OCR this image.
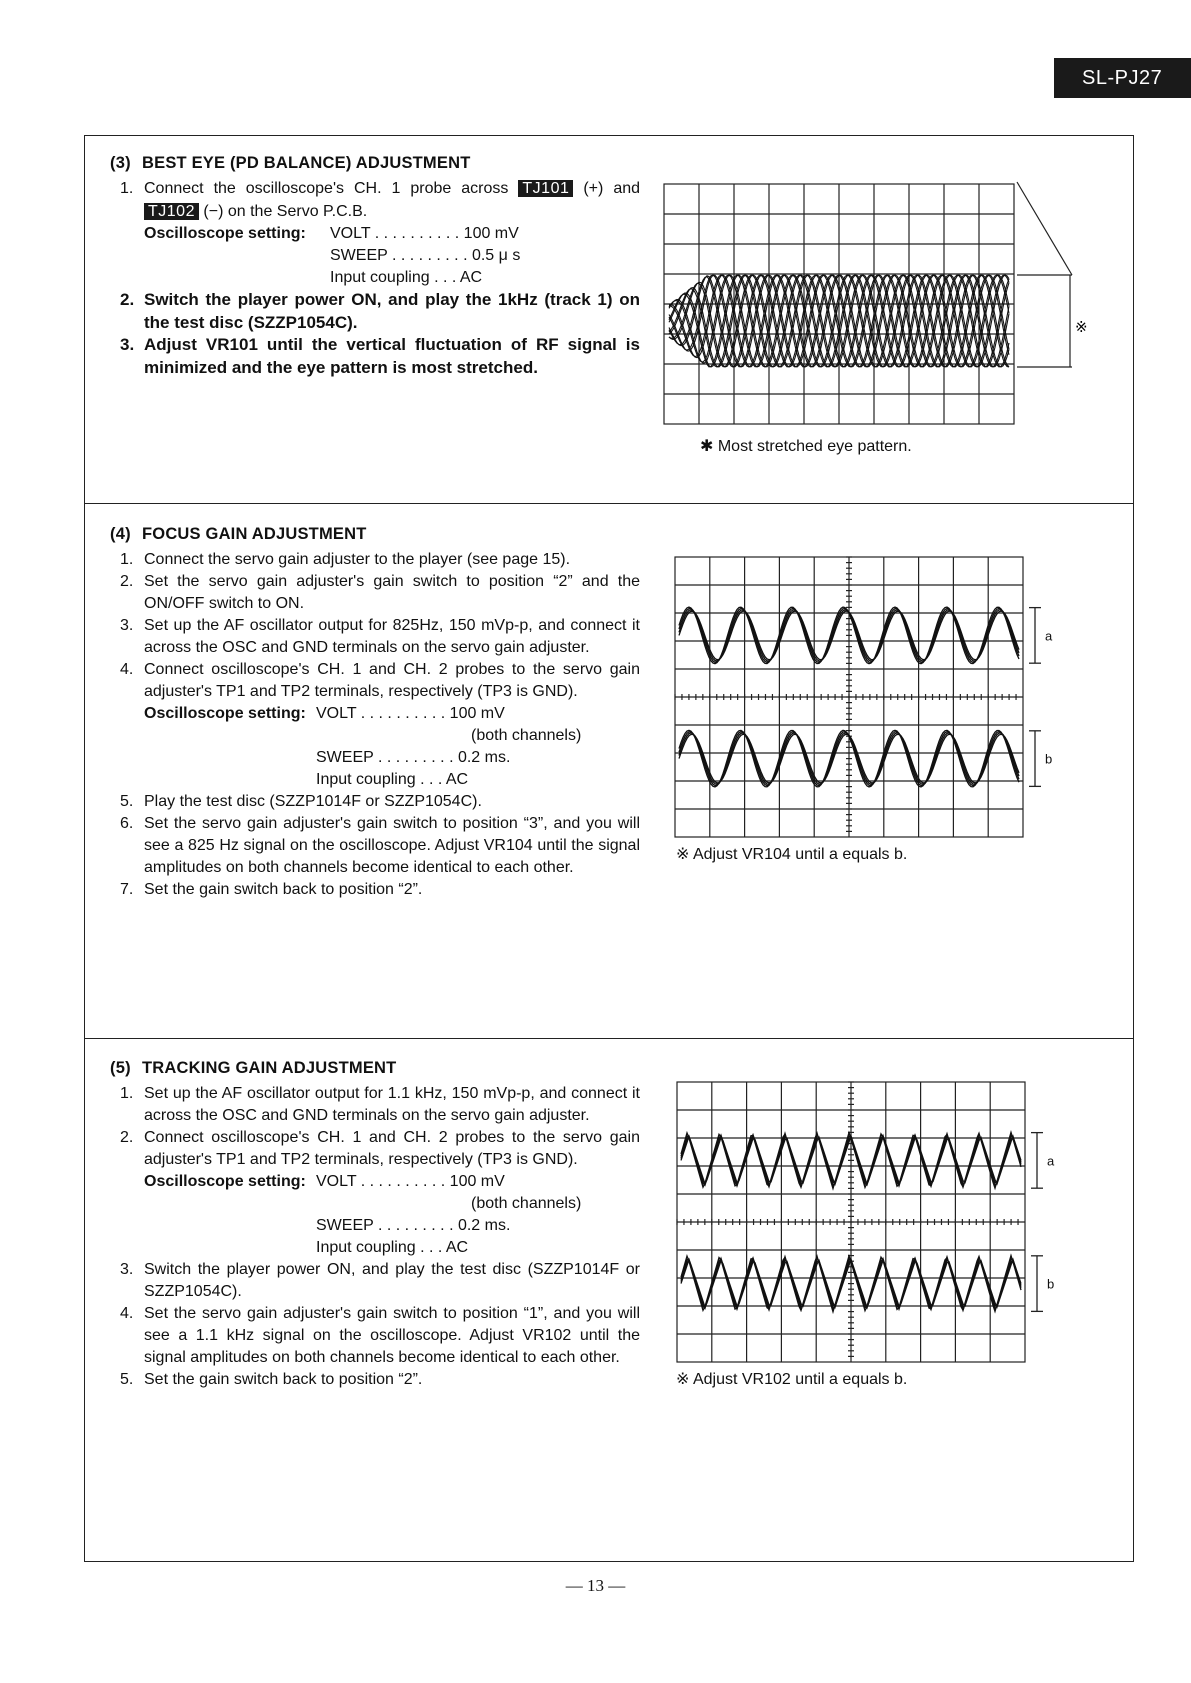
SL-PJ27
(3) BEST EYE (PD BALANCE) ADJUSTMENT
1. Connect the oscilloscope's CH. 1 probe across TJ101 (+) and TJ102 (−) on the Servo P.C.B.
Oscilloscope setting:	VOLT . . . . . . . . . . 100 mV
SWEEP . . . . . . . . . 0.5 μ s
Input coupling . . . AC
2. Switch the player power ON, and play the 1kHz (track 1) on the test disc (SZZP1054C).
3. Adjust VR101 until the vertical fluctuation of RF signal is minimized and the eye pattern is most stretched.
※
✱ Most stretched eye pattern.
(4) FOCUS GAIN ADJUSTMENT
1. Connect the servo gain adjuster to the player (see page 15).
2. Set the servo gain adjuster's gain switch to position “2” and the ON/OFF switch to ON.
3. Set up the AF oscillator output for 825Hz, 150 mVp-p, and connect it across the OSC and GND terminals on the servo gain adjuster.
4. Connect oscilloscope's CH. 1 and CH. 2 probes to the servo gain adjuster's TP1 and TP2 terminals, respectively (TP3 is GND).
Oscilloscope setting: VOLT . . . . . . . . . . 100 mV
(both channels)
SWEEP . . . . . . . . . 0.2 ms.
Input coupling . . . AC
5. Play the test disc (SZZP1014F or SZZP1054C).
6. Set the servo gain adjuster's gain switch to position “3”, and you will see a 825 Hz signal on the oscilloscope. Adjust VR104 until the signal amplitudes on both channels become identical to each other.
7. Set the gain switch back to position “2”.
a
b
※ Adjust VR104 until a equals b.
(5) TRACKING GAIN ADJUSTMENT
1. Set up the AF oscillator output for 1.1 kHz, 150 mVp-p, and connect it across the OSC and GND terminals on the servo gain adjuster.
2. Connect oscilloscope's CH. 1 and CH. 2 probes to the servo gain adjuster's TP1 and TP2 terminals, respectively (TP3 is GND).
Oscilloscope setting: VOLT . . . . . . . . . . 100 mV
(both channels)
SWEEP . . . . . . . . . 0.2 ms.
Input coupling . . . AC
3. Switch the player power ON, and play the test disc (SZZP1014F or SZZP1054C).
4. Set the servo gain adjuster's gain switch to position “1”, and you will see a 1.1 kHz signal on the oscilloscope. Adjust VR102 until the signal amplitudes on both channels become identical to each other.
5. Set the gain switch back to position “2”.
a
b
※ Adjust VR102 until a equals b.
— 13 —
